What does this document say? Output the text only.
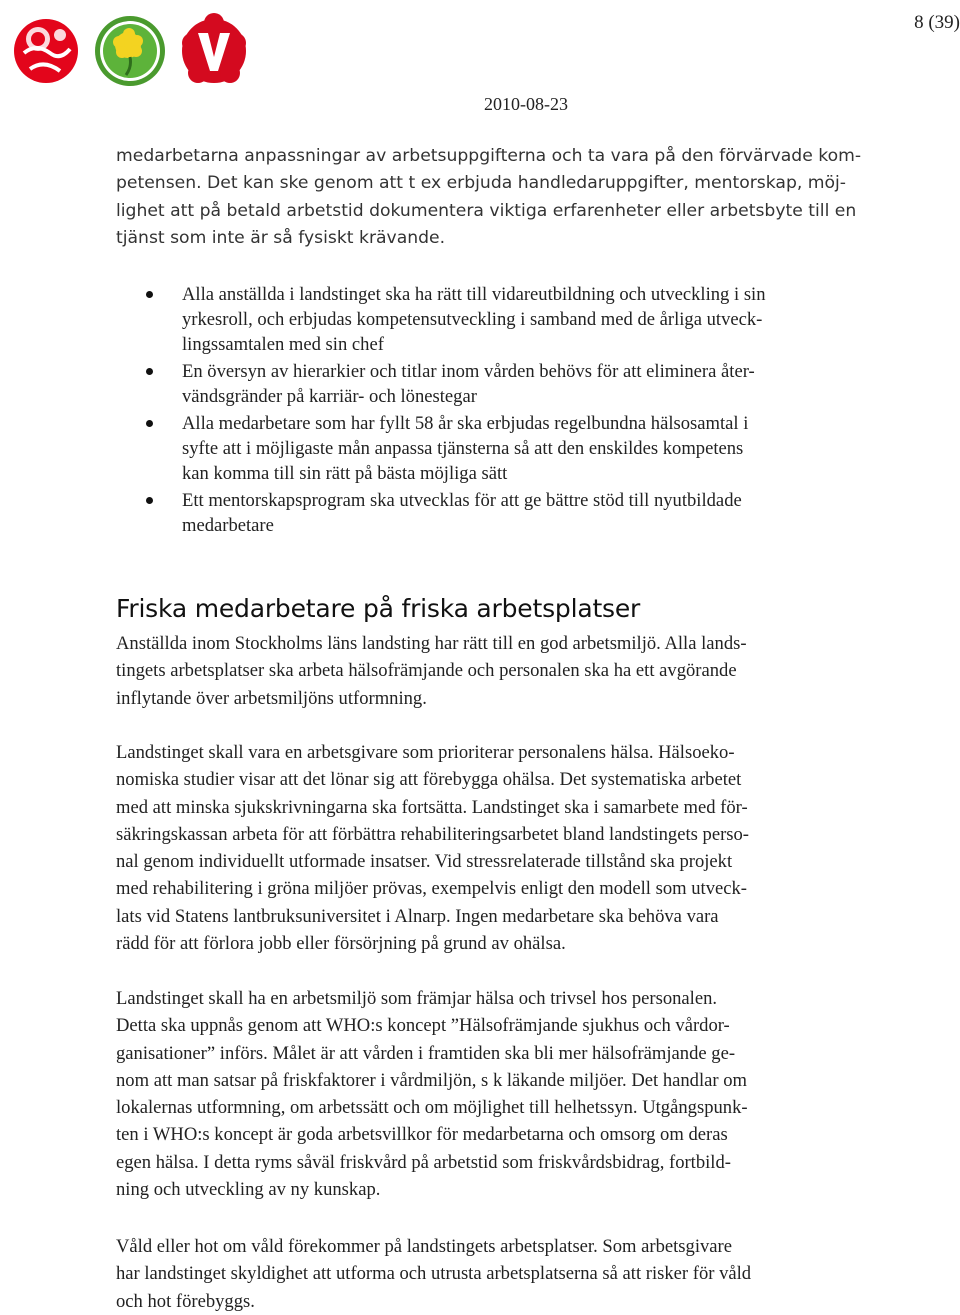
8 (39)
2010-08-23
medarbetarna anpassningar av arbetsuppgifterna och ta vara på den förvärvade kom-
petensen. Det kan ske genom att t ex erbjuda handledaruppgifter, mentorskap, möj-
lighet att på betald arbetstid dokumentera viktiga erfarenheter eller arbetsbyte till en
tjänst som inte är så fysiskt krävande.
Alla anställda i landstinget ska ha rätt till vidareutbildning och utveckling i sin
yrkesroll, och erbjudas kompetensutveckling i samband med de årliga utveck-
lingssamtalen med sin chef
En översyn av hierarkier och titlar inom vården behövs för att eliminera åter-
vändsgränder på karriär- och lönestegar
Alla medarbetare som har fyllt 58 år ska erbjudas regelbundna hälsosamtal i
syfte att i möjligaste mån anpassa tjänsterna så att den enskildes kompetens
kan komma till sin rätt på bästa möjliga sätt
Ett mentorskapsprogram ska utvecklas för att ge bättre stöd till nyutbildade
medarbetare
Friska medarbetare på friska arbetsplatser
Anställda inom Stockholms läns landsting har rätt till en god arbetsmiljö. Alla lands-
tingets arbetsplatser ska arbeta hälsofrämjande och personalen ska ha ett avgörande
inflytande över arbetsmiljöns utformning.
Landstinget skall vara en arbetsgivare som prioriterar personalens hälsa. Hälsoeko-
nomiska studier visar att det lönar sig att förebygga ohälsa. Det systematiska arbetet
med att minska sjukskrivningarna ska fortsätta. Landstinget ska i samarbete med för-
säkringskassan arbeta för att förbättra rehabiliteringsarbetet bland landstingets perso-
nal genom individuellt utformade insatser. Vid stressrelaterade tillstånd ska projekt
med rehabilitering i gröna miljöer prövas, exempelvis enligt den modell som utveck-
lats vid Statens lantbruksuniversitet i Alnarp. Ingen medarbetare ska behöva vara
rädd för att förlora jobb eller försörjning på grund av ohälsa.
Landstinget skall ha en arbetsmiljö som främjar hälsa och trivsel hos personalen.
Detta ska uppnås genom att WHO:s koncept ”Hälsofrämjande sjukhus och vårdor-
ganisationer” införs. Målet är att vården i framtiden ska bli mer hälsofrämjande ge-
nom att man satsar på friskfaktorer i vårdmiljön, s k läkande miljöer. Det handlar om
lokalernas utformning, om arbetssätt och om möjlighet till helhetssyn. Utgångspunk-
ten i WHO:s koncept är goda arbetsvillkor för medarbetarna och omsorg om deras
egen hälsa. I detta ryms såväl friskvård på arbetstid som friskvårdsbidrag, fortbild-
ning och utveckling av ny kunskap.
Våld eller hot om våld förekommer på landstingets arbetsplatser. Som arbetsgivare
har landstinget skyldighet att utforma och utrusta arbetsplatserna så att risker för våld
och hot förebyggs.
